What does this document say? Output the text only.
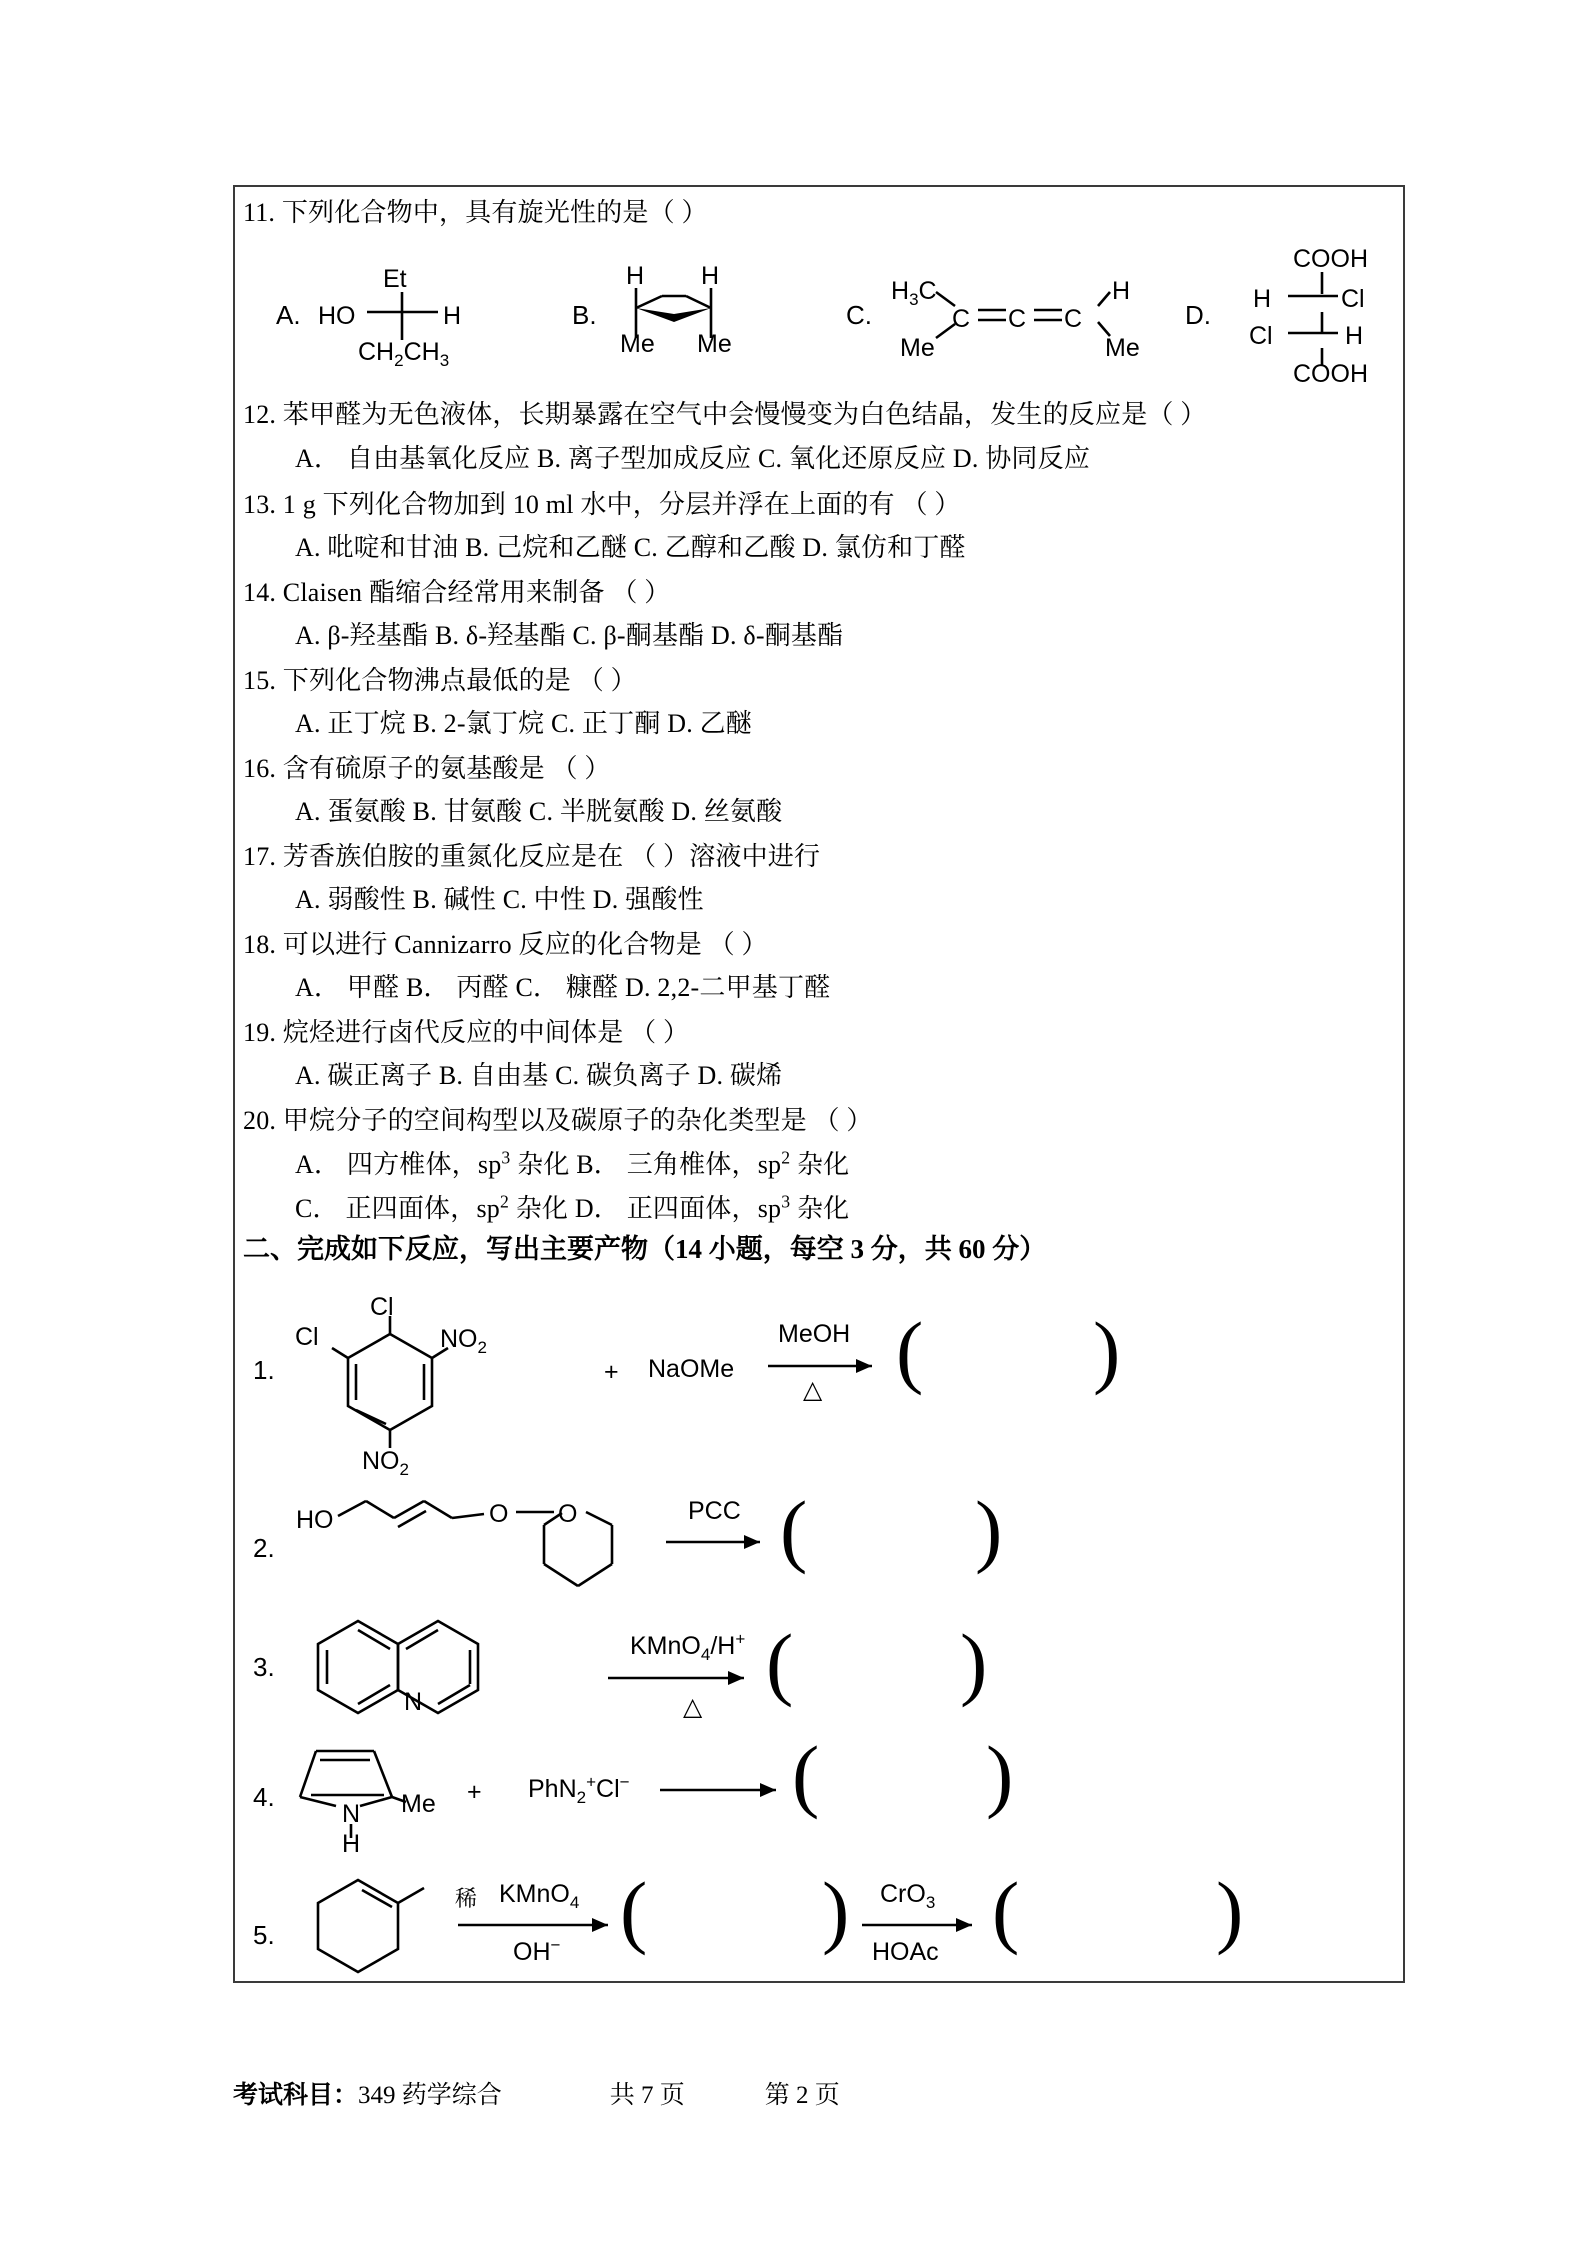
11. 下列化合物中，具有旋光性的是（ ）
A.
Et
HO	H
$CH_2CH_3$
B.
H H
Me Me
C.
$H_3C$
Me
C C C
H
Me
D.
COOH
H	Cl
Cl	H
COOH
12. 苯甲醛为无色液体，长期暴露在空气中会慢慢变为白色结晶，发生的反应是（ ）
A． 自由基氧化反应 B. 离子型加成反应 C. 氧化还原反应 D. 协同反应
13. 1 g 下列化合物加到 10 ml 水中，分层并浮在上面的有 （ ）
A. 吡啶和甘油 B. 己烷和乙醚 C. 乙醇和乙酸 D. 氯仿和丁醛
14. Claisen 酯缩合经常用来制备 （ ）
A. β-羟基酯 B. δ-羟基酯 C. β-酮基酯 D. δ-酮基酯
15. 下列化合物沸点最低的是 （ ）
A. 正丁烷 B. 2-氯丁烷 C. 正丁酮 D. 乙醚
16. 含有硫原子的氨基酸是 （ ）
A. 蛋氨酸 B. 甘氨酸 C. 半胱氨酸 D. 丝氨酸
17. 芳香族伯胺的重氮化反应是在 （ ）溶液中进行
A. 弱酸性 B. 碱性 C. 中性 D. 强酸性
18. 可以进行 Cannizarro 反应的化合物是 （ ）
A． 甲醛 B． 丙醛 C． 糠醛 D. 2,2-二甲基丁醛
19. 烷烃进行卤代反应的中间体是 （ ）
A. 碳正离子 B. 自由基 C. 碳负离子 D. 碳烯
20. 甲烷分子的空间构型以及碳原子的杂化类型是 （ ）
A． 四方椎体，$sp^3$ 杂化 B． 三角椎体，$sp^2$ 杂化
C． 正四面体，$sp^2$ 杂化 D． 正四面体，$sp^3$ 杂化
二、完成如下反应，写出主要产物（14 小题，每空 3 分，共 60 分）
1.
Cl
Cl	$NO_2$
$NO_2$
+ NaOMe
MeOH
△ ( )
2.
HO	O O	PCC ( )
3.
N
KMnO$_4$/H+
△ ( )
4.
N
H
Me + PhN$_2$+Cl− ( )
5.
稀 KMnO$_4$
OH− ( ) CrO$_3$
HOAc ( )
考试科目：349 药学综合	共 7 页	第 2 页
